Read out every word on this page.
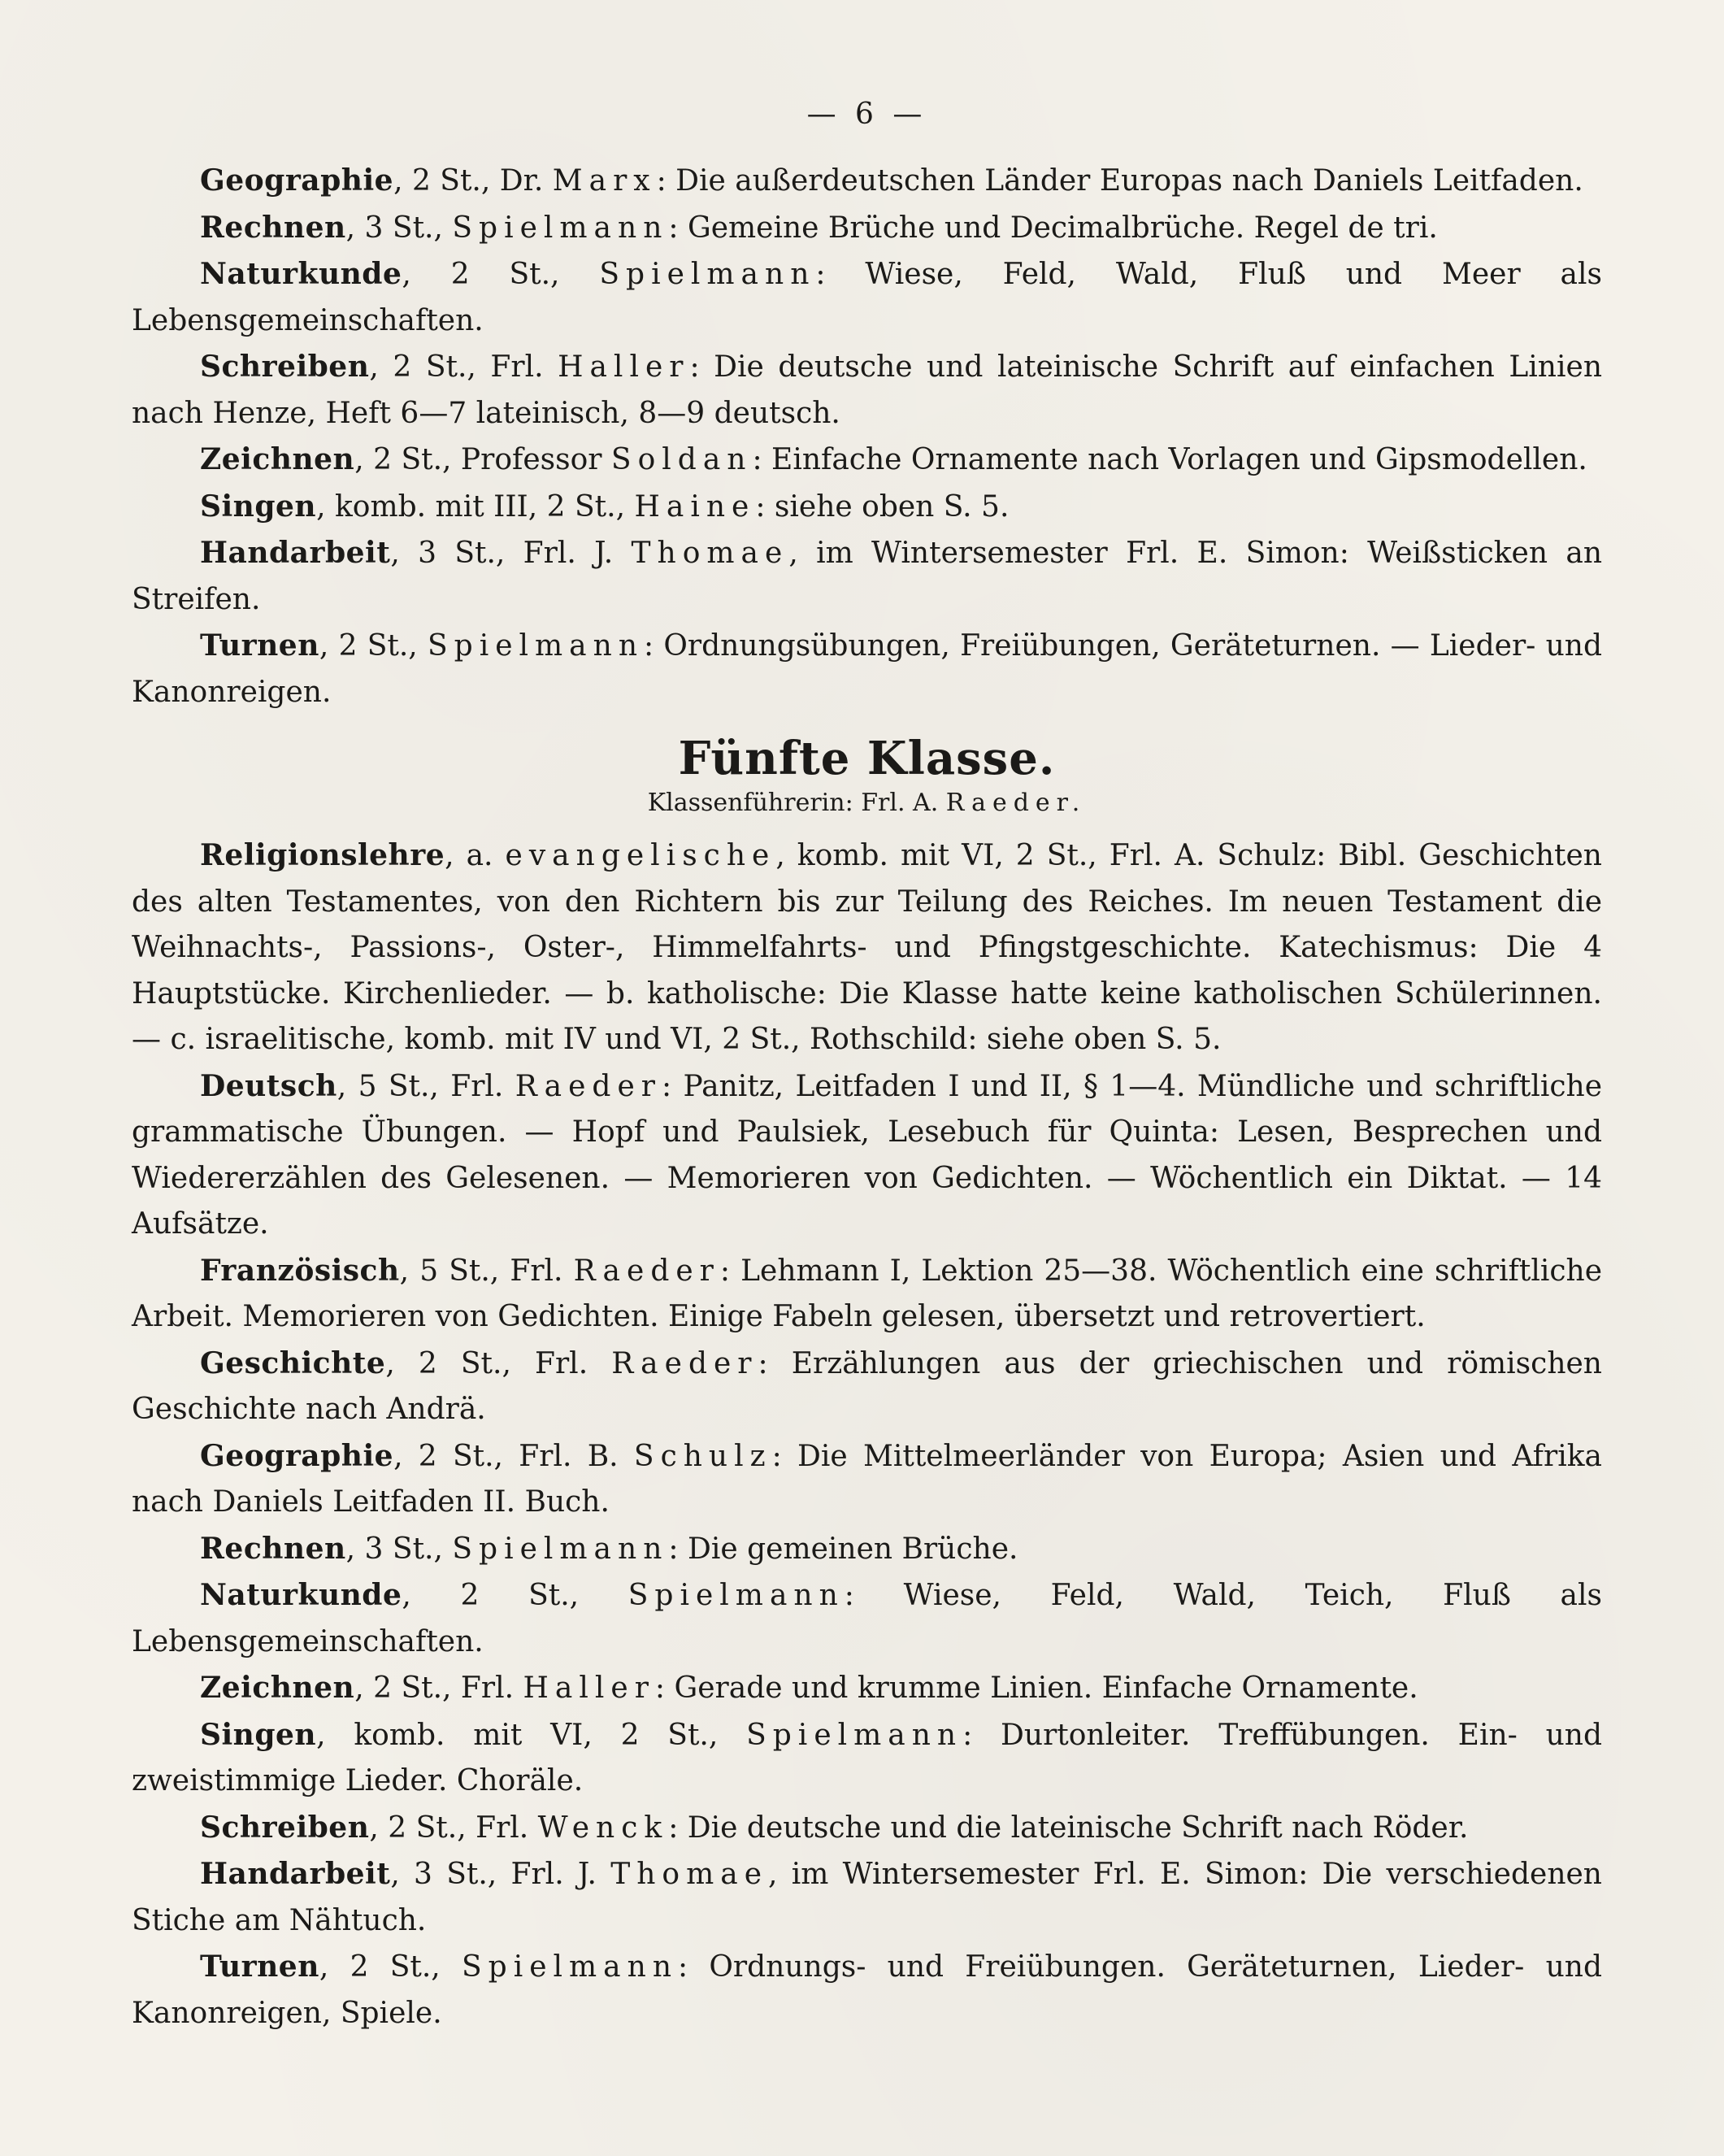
— 6 —

Geographie, 2 St., Dr. Marx: Die außerdeutschen Länder Europas nach Daniels Leitfaden.

Rechnen, 3 St., Spielmann: Gemeine Brüche und Decimalbrüche. Regel de tri.

Naturkunde, 2 St., Spielmann: Wiese, Feld, Wald, Fluß und Meer als Lebensgemeinschaften.

Schreiben, 2 St., Frl. Haller: Die deutsche und lateinische Schrift auf einfachen Linien nach Henze, Heft 6—7 lateinisch, 8—9 deutsch.

Zeichnen, 2 St., Professor Soldan: Einfache Ornamente nach Vorlagen und Gipsmodellen.

Singen, komb. mit III, 2 St., Haine: siehe oben S. 5.

Handarbeit, 3 St., Frl. J. Thomae, im Wintersemester Frl. E. Simon: Weißsticken an Streifen.

Turnen, 2 St., Spielmann: Ordnungsübungen, Freiübungen, Geräteturnen. — Lieder- und Kanonreigen.

Fünfte Klasse.
Klassenführerin: Frl. A. Raeder.

Religionslehre, a. evangelische, komb. mit VI, 2 St., Frl. A. Schulz: Bibl. Geschichten des alten Testamentes, von den Richtern bis zur Teilung des Reiches. Im neuen Testament die Weihnachts-, Passions-, Oster-, Himmelfahrts- und Pfingstgeschichte. Katechismus: Die 4 Hauptstücke. Kirchenlieder. — b. katholische: Die Klasse hatte keine katholischen Schülerinnen. — c. israelitische, komb. mit IV und VI, 2 St., Rothschild: siehe oben S. 5.

Deutsch, 5 St., Frl. Raeder: Panitz, Leitfaden I und II, § 1—4. Mündliche und schriftliche grammatische Übungen. — Hopf und Paulsiek, Lesebuch für Quinta: Lesen, Besprechen und Wiedererzählen des Gelesenen. — Memorieren von Gedichten. — Wöchentlich ein Diktat. — 14 Aufsätze.

Französisch, 5 St., Frl. Raeder: Lehmann I, Lektion 25—38. Wöchentlich eine schriftliche Arbeit. Memorieren von Gedichten. Einige Fabeln gelesen, übersetzt und retrovertiert.

Geschichte, 2 St., Frl. Raeder: Erzählungen aus der griechischen und römischen Geschichte nach Andrä.

Geographie, 2 St., Frl. B. Schulz: Die Mittelmeerländer von Europa; Asien und Afrika nach Daniels Leitfaden II. Buch.

Rechnen, 3 St., Spielmann: Die gemeinen Brüche.

Naturkunde, 2 St., Spielmann: Wiese, Feld, Wald, Teich, Fluß als Lebensgemeinschaften.

Zeichnen, 2 St., Frl. Haller: Gerade und krumme Linien. Einfache Ornamente.

Singen, komb. mit VI, 2 St., Spielmann: Durtonleiter. Treffübungen. Ein- und zweistimmige Lieder. Choräle.

Schreiben, 2 St., Frl. Wenck: Die deutsche und die lateinische Schrift nach Röder.

Handarbeit, 3 St., Frl. J. Thomae, im Wintersemester Frl. E. Simon: Die verschiedenen Stiche am Nähtuch.

Turnen, 2 St., Spielmann: Ordnungs- und Freiübungen. Geräteturnen, Lieder- und Kanonreigen, Spiele.
